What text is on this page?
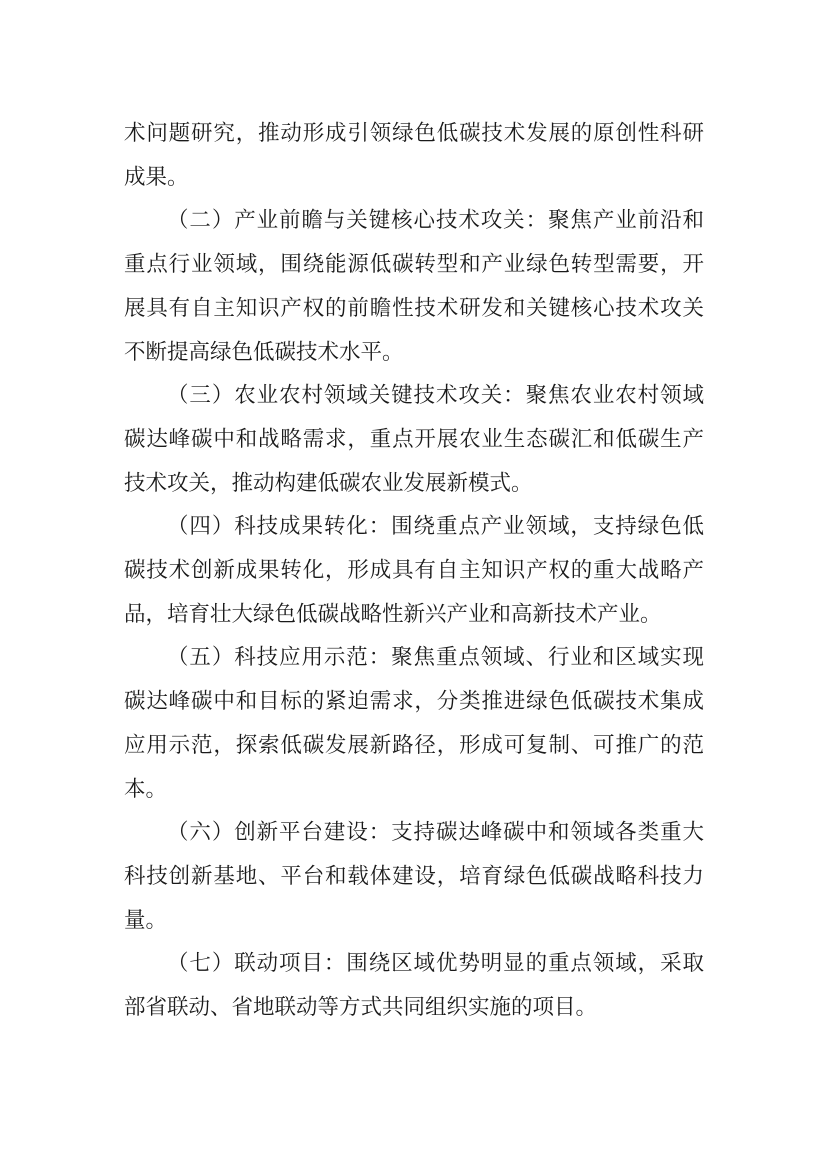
术问题研究，推动形成引领绿色低碳技术发展的原创性科研成果。

（二）产业前瞻与关键核心技术攻关：聚焦产业前沿和重点行业领域，围绕能源低碳转型和产业绿色转型需要，开展具有自主知识产权的前瞻性技术研发和关键核心技术攻关不断提高绿色低碳技术水平。

（三）农业农村领域关键技术攻关：聚焦农业农村领域碳达峰碳中和战略需求，重点开展农业生态碳汇和低碳生产技术攻关，推动构建低碳农业发展新模式。

（四）科技成果转化：围绕重点产业领域，支持绿色低碳技术创新成果转化，形成具有自主知识产权的重大战略产品，培育壮大绿色低碳战略性新兴产业和高新技术产业。

（五）科技应用示范：聚焦重点领域、行业和区域实现碳达峰碳中和目标的紧迫需求，分类推进绿色低碳技术集成应用示范，探索低碳发展新路径，形成可复制、可推广的范本。

（六）创新平台建设：支持碳达峰碳中和领域各类重大科技创新基地、平台和载体建设，培育绿色低碳战略科技力量。

（七）联动项目：围绕区域优势明显的重点领域，采取部省联动、省地联动等方式共同组织实施的项目。
